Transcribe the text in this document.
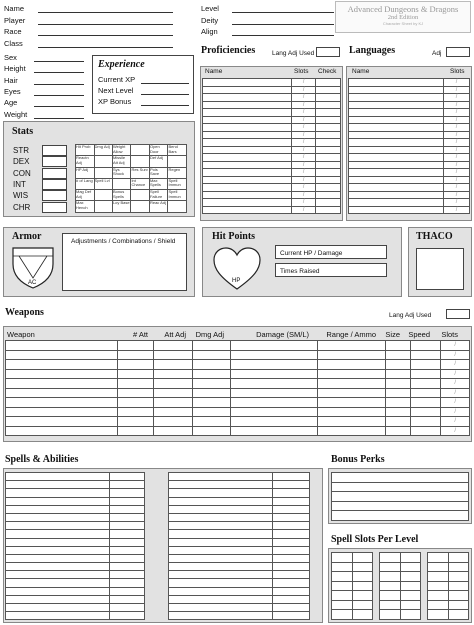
Name
Player
Race
Class
Level
Deity
Align
Advanced Dungeons & Dragons
2nd Edition
Character Sheet by KJ
Sex
Height
Hair
Eyes
Age
Weight
Experience
Current XP
Next Level
XP Bonus
Proficiencies	Lang Adj Used
	/	
	/	
	/	
	/	
	/	
	/	
	/	
	/	
	/	
	/	
	/	
	/	
	/	
	/	
	/	
	/	
	/	
	/	
Name	Slots Check
Languages	Adj
	/
	/
	/
	/
	/
	/
	/
	/
	/
	/
	/
	/
	/
	/
	/
	/
	/
	/
Name	Slots
Stats
STR
DEX
CON
INT
WIS
CHR
Hit Prob	Dmg Adj	Weight Allow		Open Door	Bend Bars
Reactn Adj		Missile Att Adj		Def Adj	
HP Adj		Sys Shock	Res Surv	Pois Save	Regen
# of Lang	Spell Lvl		Int Chance	Max Spells	Spell Immun
Mag Def Adj		Bonus Spells		Spell Failure	Spell Immun
Max Hench		Loy Base		Reac Adj	
Armor
AC
Adjustments / Combinations / Shield	Hit Points
HP
Current HP / Damage
Times Raised
THACO
Weapons	Lang Adj Used
								/
								/
								/
								/
								/
								/
								/
								/
								/
								/
Weapon	# Att	Att Adj	Dmg Adj	Damage (SM/L)	Range / Ammo	Size	Speed	Slots
Spells & Abilities

		Bonus Perks

Spell Slots Per Level
